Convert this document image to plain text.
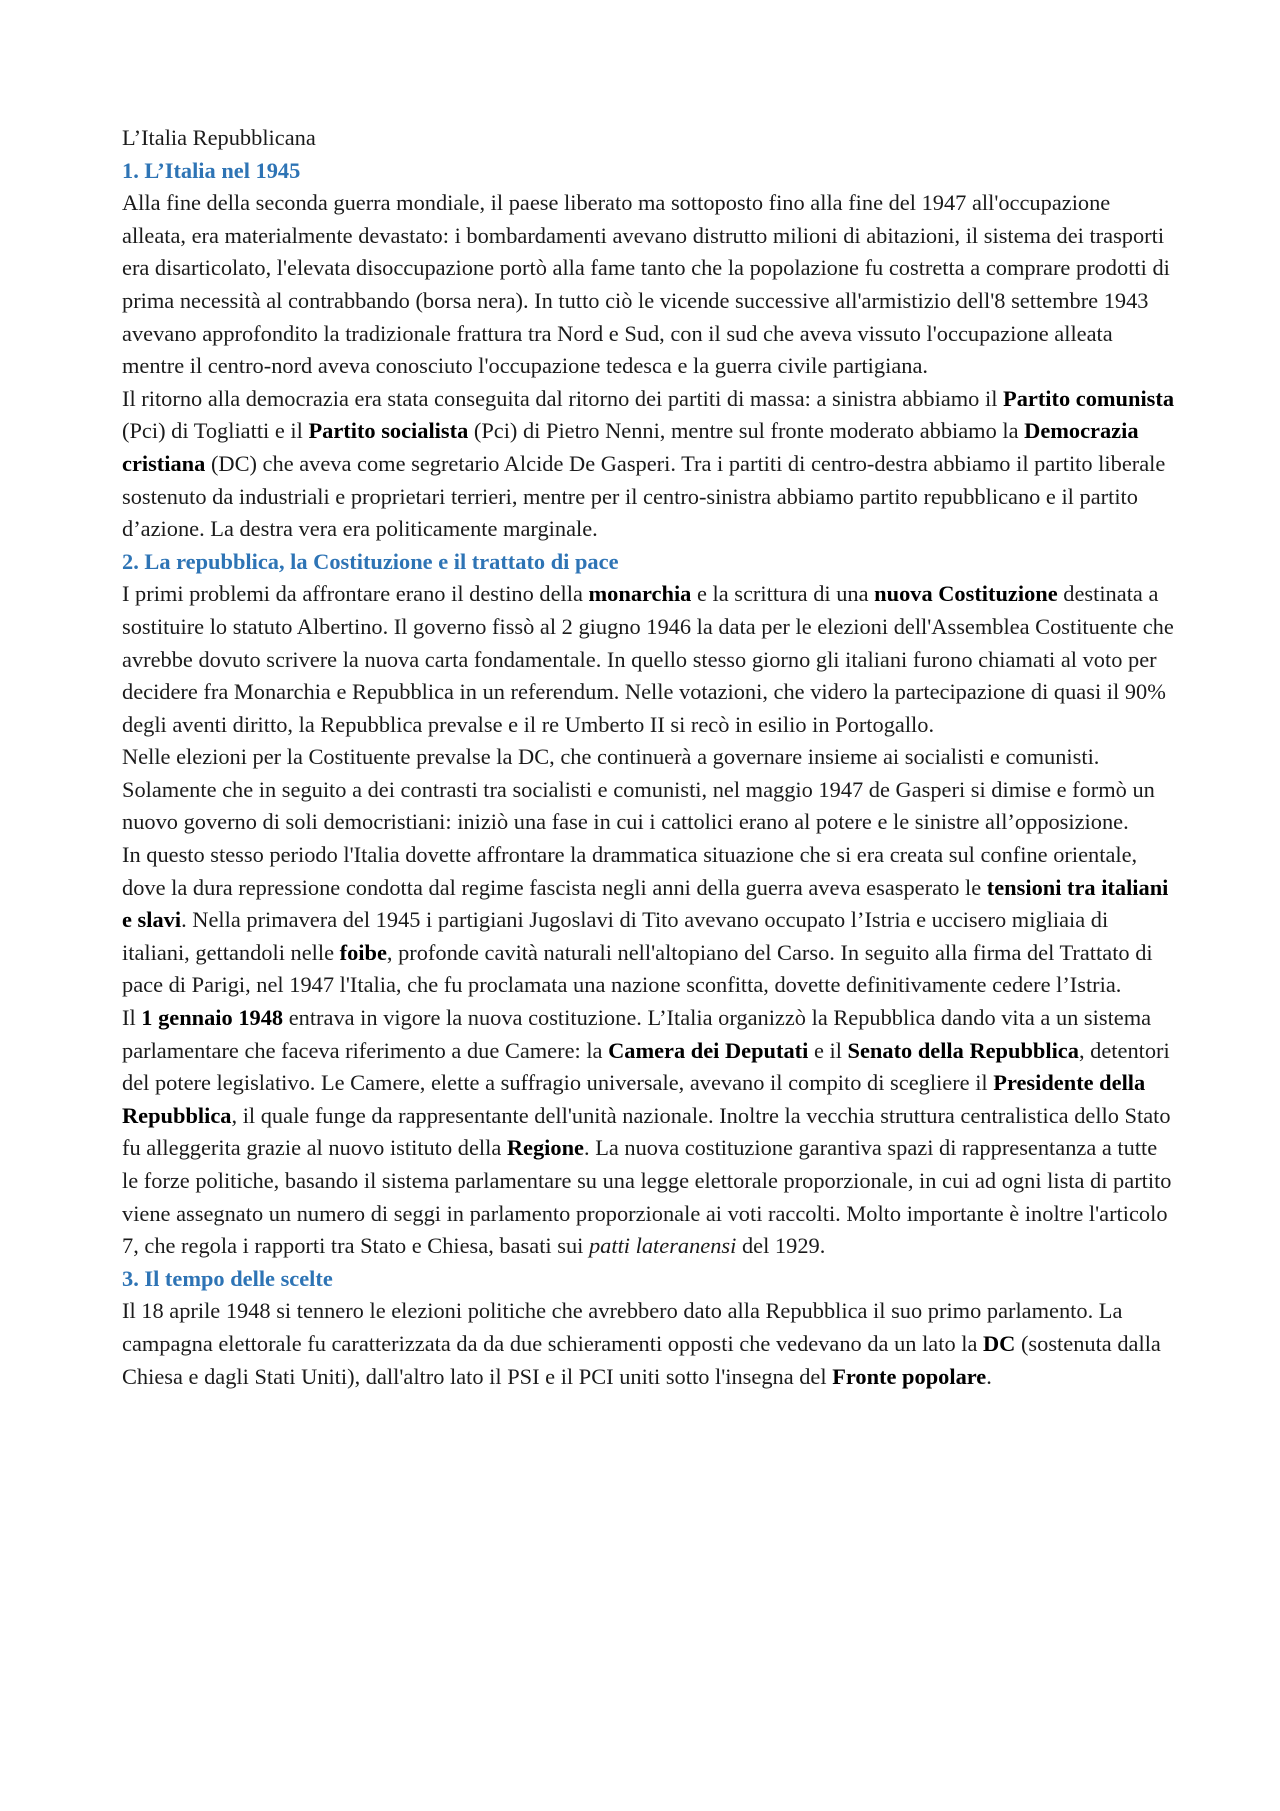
L’Italia Repubblicana
1. L’Italia nel 1945

Alla fine della seconda guerra mondiale, il paese liberato ma sottoposto fino alla fine del 1947 all'occupazione alleata, era materialmente devastato: i bombardamenti avevano distrutto milioni di abitazioni, il sistema dei trasporti era disarticolato, l'elevata disoccupazione portò alla fame tanto che la popolazione fu costretta a comprare prodotti di prima necessità al contrabbando (borsa nera). In tutto ciò le vicende successive all'armistizio dell'8 settembre 1943 avevano approfondito la tradizionale frattura tra Nord e Sud, con il sud che aveva vissuto l'occupazione alleata mentre il centro-nord aveva conosciuto l'occupazione tedesca e la guerra civile partigiana.

Il ritorno alla democrazia era stata conseguita dal ritorno dei partiti di massa: a sinistra abbiamo il Partito comunista (Pci) di Togliatti e il Partito socialista (Pci) di Pietro Nenni, mentre sul fronte moderato abbiamo la Democrazia cristiana (DC) che aveva come segretario Alcide De Gasperi. Tra i partiti di centro-destra abbiamo il partito liberale sostenuto da industriali e proprietari terrieri, mentre per il centro-sinistra abbiamo partito repubblicano e il partito d’azione. La destra vera era politicamente marginale.

2. La repubblica, la Costituzione e il trattato di pace

I primi problemi da affrontare erano il destino della monarchia e la scrittura di una nuova Costituzione destinata a sostituire lo statuto Albertino. Il governo fissò al 2 giugno 1946 la data per le elezioni dell'Assemblea Costituente che avrebbe dovuto scrivere la nuova carta fondamentale. In quello stesso giorno gli italiani furono chiamati al voto per decidere fra Monarchia e Repubblica in un referendum. Nelle votazioni, che videro la partecipazione di quasi il 90% degli aventi diritto, la Repubblica prevalse e il re Umberto II si recò in esilio in Portogallo.

Nelle elezioni per la Costituente prevalse la DC, che continuerà a governare insieme ai socialisti e comunisti. Solamente che in seguito a dei contrasti tra socialisti e comunisti, nel maggio 1947 de Gasperi si dimise e formò un nuovo governo di soli democristiani: iniziò una fase in cui i cattolici erano al potere e le sinistre all’opposizione.

In questo stesso periodo l'Italia dovette affrontare la drammatica situazione che si era creata sul confine orientale, dove la dura repressione condotta dal regime fascista negli anni della guerra aveva esasperato le tensioni tra italiani e slavi. Nella primavera del 1945 i partigiani Jugoslavi di Tito avevano occupato l’Istria e uccisero migliaia di italiani, gettandoli nelle foibe, profonde cavità naturali nell'altopiano del Carso. In seguito alla firma del Trattato di pace di Parigi, nel 1947 l'Italia, che fu proclamata una nazione sconfitta, dovette definitivamente cedere l’Istria.

Il 1 gennaio 1948 entrava in vigore la nuova costituzione. L’Italia organizzò la Repubblica dando vita a un sistema parlamentare che faceva riferimento a due Camere: la Camera dei Deputati e il Senato della Repubblica, detentori del potere legislativo. Le Camere, elette a suffragio universale, avevano il compito di scegliere il Presidente della Repubblica, il quale funge da rappresentante dell'unità nazionale. Inoltre la vecchia struttura centralistica dello Stato fu alleggerita grazie al nuovo istituto della Regione. La nuova costituzione garantiva spazi di rappresentanza a tutte le forze politiche, basando il sistema parlamentare su una legge elettorale proporzionale, in cui ad ogni lista di partito viene assegnato un numero di seggi in parlamento proporzionale ai voti raccolti. Molto importante è inoltre l'articolo 7, che regola i rapporti tra Stato e Chiesa, basati sui patti lateranensi del 1929.

3. Il tempo delle scelte

Il 18 aprile 1948 si tennero le elezioni politiche che avrebbero dato alla Repubblica il suo primo parlamento. La campagna elettorale fu caratterizzata da da due schieramenti opposti che vedevano da un lato la DC (sostenuta dalla Chiesa e dagli Stati Uniti), dall'altro lato il PSI e il PCI uniti sotto l'insegna del Fronte popolare.
